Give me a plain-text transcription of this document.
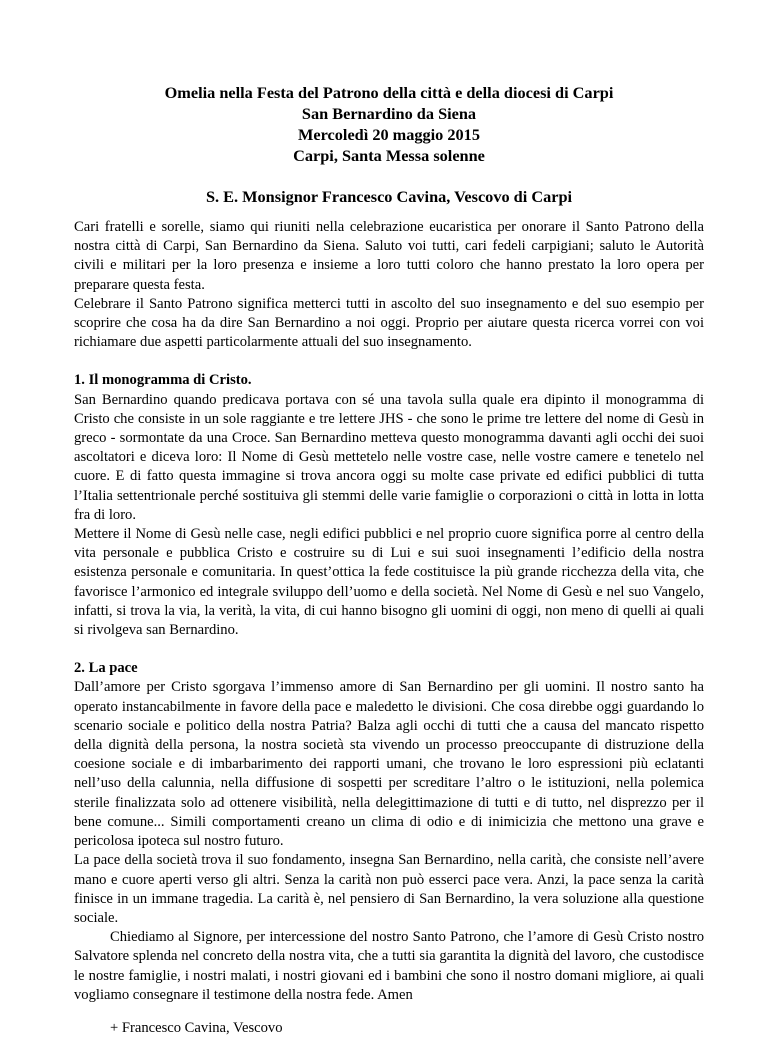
Omelia nella Festa del Patrono della città e della diocesi di Carpi

San Bernardino da Siena

Mercoledì 20 maggio 2015

Carpi, Santa Messa solenne

S. E. Monsignor Francesco Cavina, Vescovo di Carpi

Cari fratelli e sorelle, siamo qui riuniti nella celebrazione eucaristica per onorare il Santo Patrono della nostra città di Carpi, San Bernardino da Siena. Saluto voi tutti, cari fedeli carpigiani; saluto le Autorità civili e militari per la loro presenza e insieme a loro tutti coloro che hanno prestato la loro opera per preparare questa festa.

Celebrare il Santo Patrono significa metterci tutti in ascolto del suo insegnamento e del suo esempio per scoprire che cosa ha da dire San Bernardino a noi oggi. Proprio per aiutare questa ricerca vorrei con voi richiamare due aspetti particolarmente attuali del suo insegnamento.

1. Il monogramma di Cristo.

San Bernardino quando predicava portava con sé una tavola sulla quale era dipinto il monogramma di Cristo che consiste in un sole raggiante e tre lettere JHS - che sono le prime tre lettere del nome di Gesù in greco - sormontate da una Croce. San Bernardino metteva questo monogramma davanti agli occhi dei suoi ascoltatori e diceva loro: Il Nome di Gesù mettetelo nelle vostre case, nelle vostre camere e tenetelo nel cuore. E di fatto questa immagine si trova ancora oggi su molte case private ed edifici pubblici di tutta l’Italia settentrionale perché sostituiva gli stemmi delle varie famiglie o corporazioni o città in lotta in lotta fra di loro.

Mettere il Nome di Gesù nelle case, negli edifici pubblici e nel proprio cuore significa porre al centro della vita personale e pubblica Cristo e costruire su di Lui e sui suoi insegnamenti l’edificio della nostra esistenza personale e comunitaria. In quest’ottica la fede costituisce la più grande ricchezza della vita, che favorisce l’armonico ed integrale sviluppo dell’uomo e della società. Nel Nome di Gesù e nel suo Vangelo, infatti, si trova la via, la verità, la vita, di cui hanno bisogno gli uomini di oggi, non meno di quelli ai quali si rivolgeva san Bernardino.

2. La pace

Dall’amore per Cristo sgorgava l’immenso amore di San Bernardino per gli uomini. Il nostro santo ha operato instancabilmente in favore della pace e maledetto le divisioni. Che cosa direbbe oggi guardando lo scenario sociale e politico della nostra Patria? Balza agli occhi di tutti che a causa del mancato rispetto della dignità della persona, la nostra società sta vivendo un processo preoccupante di distruzione della coesione sociale e di imbarbarimento dei rapporti umani, che trovano le loro espressioni più eclatanti nell’uso della calunnia, nella diffusione di sospetti per screditare l’altro o le istituzioni, nella polemica sterile finalizzata solo ad ottenere visibilità, nella delegittimazione di tutti e di tutto, nel disprezzo per il bene comune... Simili comportamenti creano un clima di odio e di inimicizia che mettono una grave e pericolosa ipoteca sul nostro futuro.

La pace della società trova il suo fondamento, insegna San Bernardino, nella carità, che consiste nell’avere mano e cuore aperti verso gli altri. Senza la carità non può esserci pace vera. Anzi, la pace senza la carità finisce in un immane tragedia. La carità è, nel pensiero di San Bernardino, la vera soluzione alla questione sociale.

Chiediamo al Signore, per intercessione del nostro Santo Patrono, che l’amore di Gesù Cristo nostro Salvatore splenda nel concreto della nostra vita, che a tutti sia garantita la dignità del lavoro, che custodisce le nostre famiglie, i nostri malati, i nostri giovani ed i bambini che sono il nostro domani migliore, ai quali vogliamo consegnare il testimone della nostra fede. Amen

+ Francesco Cavina, Vescovo
